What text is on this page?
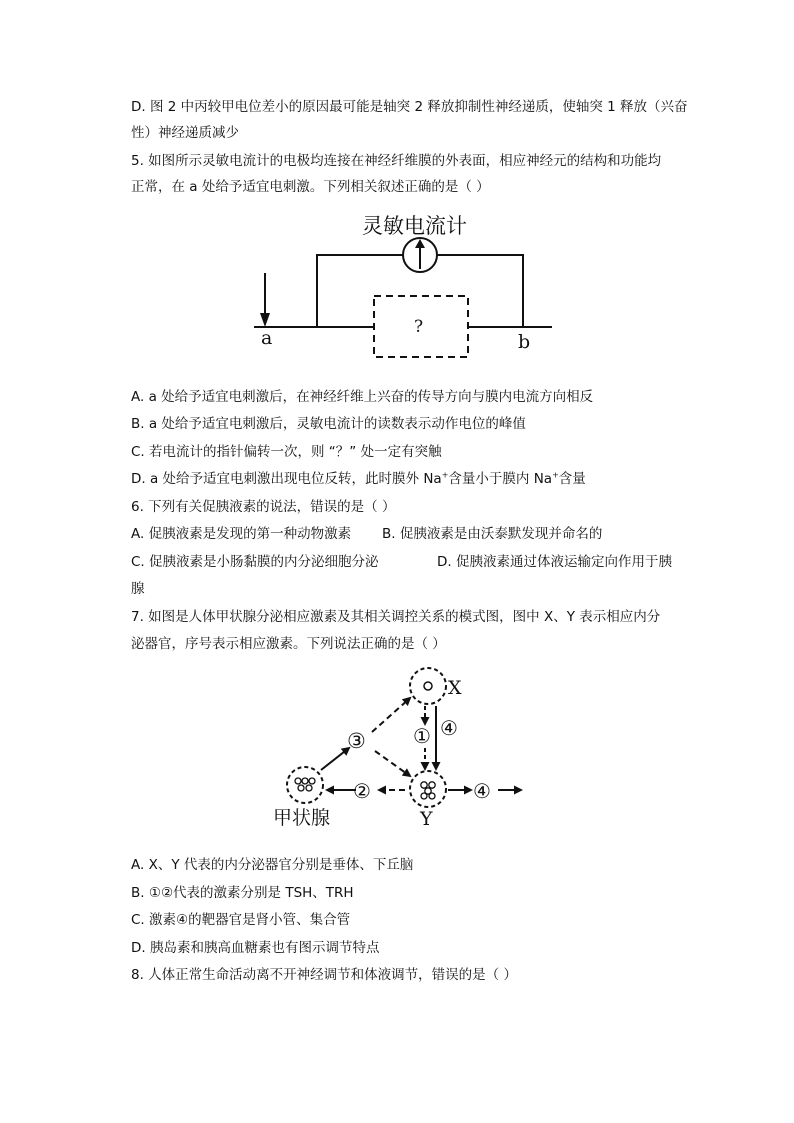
D. 图 2 中丙较甲电位差小的原因最可能是轴突 2 释放抑制性神经递质，使轴突 1 释放（兴奋
性）神经递质减少
5. 如图所示灵敏电流计的电极均连接在神经纤维膜的外表面，相应神经元的结构和功能均
正常，在 a 处给予适宜电刺激。下列相关叙述正确的是（ ）
灵敏电流计
?
a	b
A. a 处给予适宜电刺激后，在神经纤维上兴奋的传导方向与膜内电流方向相反
B. a 处给予适宜电刺激后，灵敏电流计的读数表示动作电位的峰值
C. 若电流计的指针偏转一次，则 “？” 处一定有突触
D. a 处给予适宜电刺激出现电位反转，此时膜外 Na+含量小于膜内 Na+含量
6. 下列有关促胰液素的说法，错误的是（ ）
A. 促胰液素是发现的第一种动物激素 B. 促胰液素是由沃泰默发现并命名的
C. 促胰液素是小肠黏膜的内分泌细胞分泌	D. 促胰液素通过体液运输定向作用于胰
腺
7. 如图是人体甲状腺分泌相应激素及其相关调控关系的模式图，图中 X、Y 表示相应内分
泌器官，序号表示相应激素。下列说法正确的是（ ）
X
Y
甲状腺
③ ① ④
②	④
A. X、Y 代表的内分泌器官分别是垂体、下丘脑
B. ①②代表的激素分别是 TSH、TRH
C. 激素④的靶器官是肾小管、集合管
D. 胰岛素和胰高血糖素也有图示调节特点
8. 人体正常生命活动离不开神经调节和体液调节，错误的是（ ）
